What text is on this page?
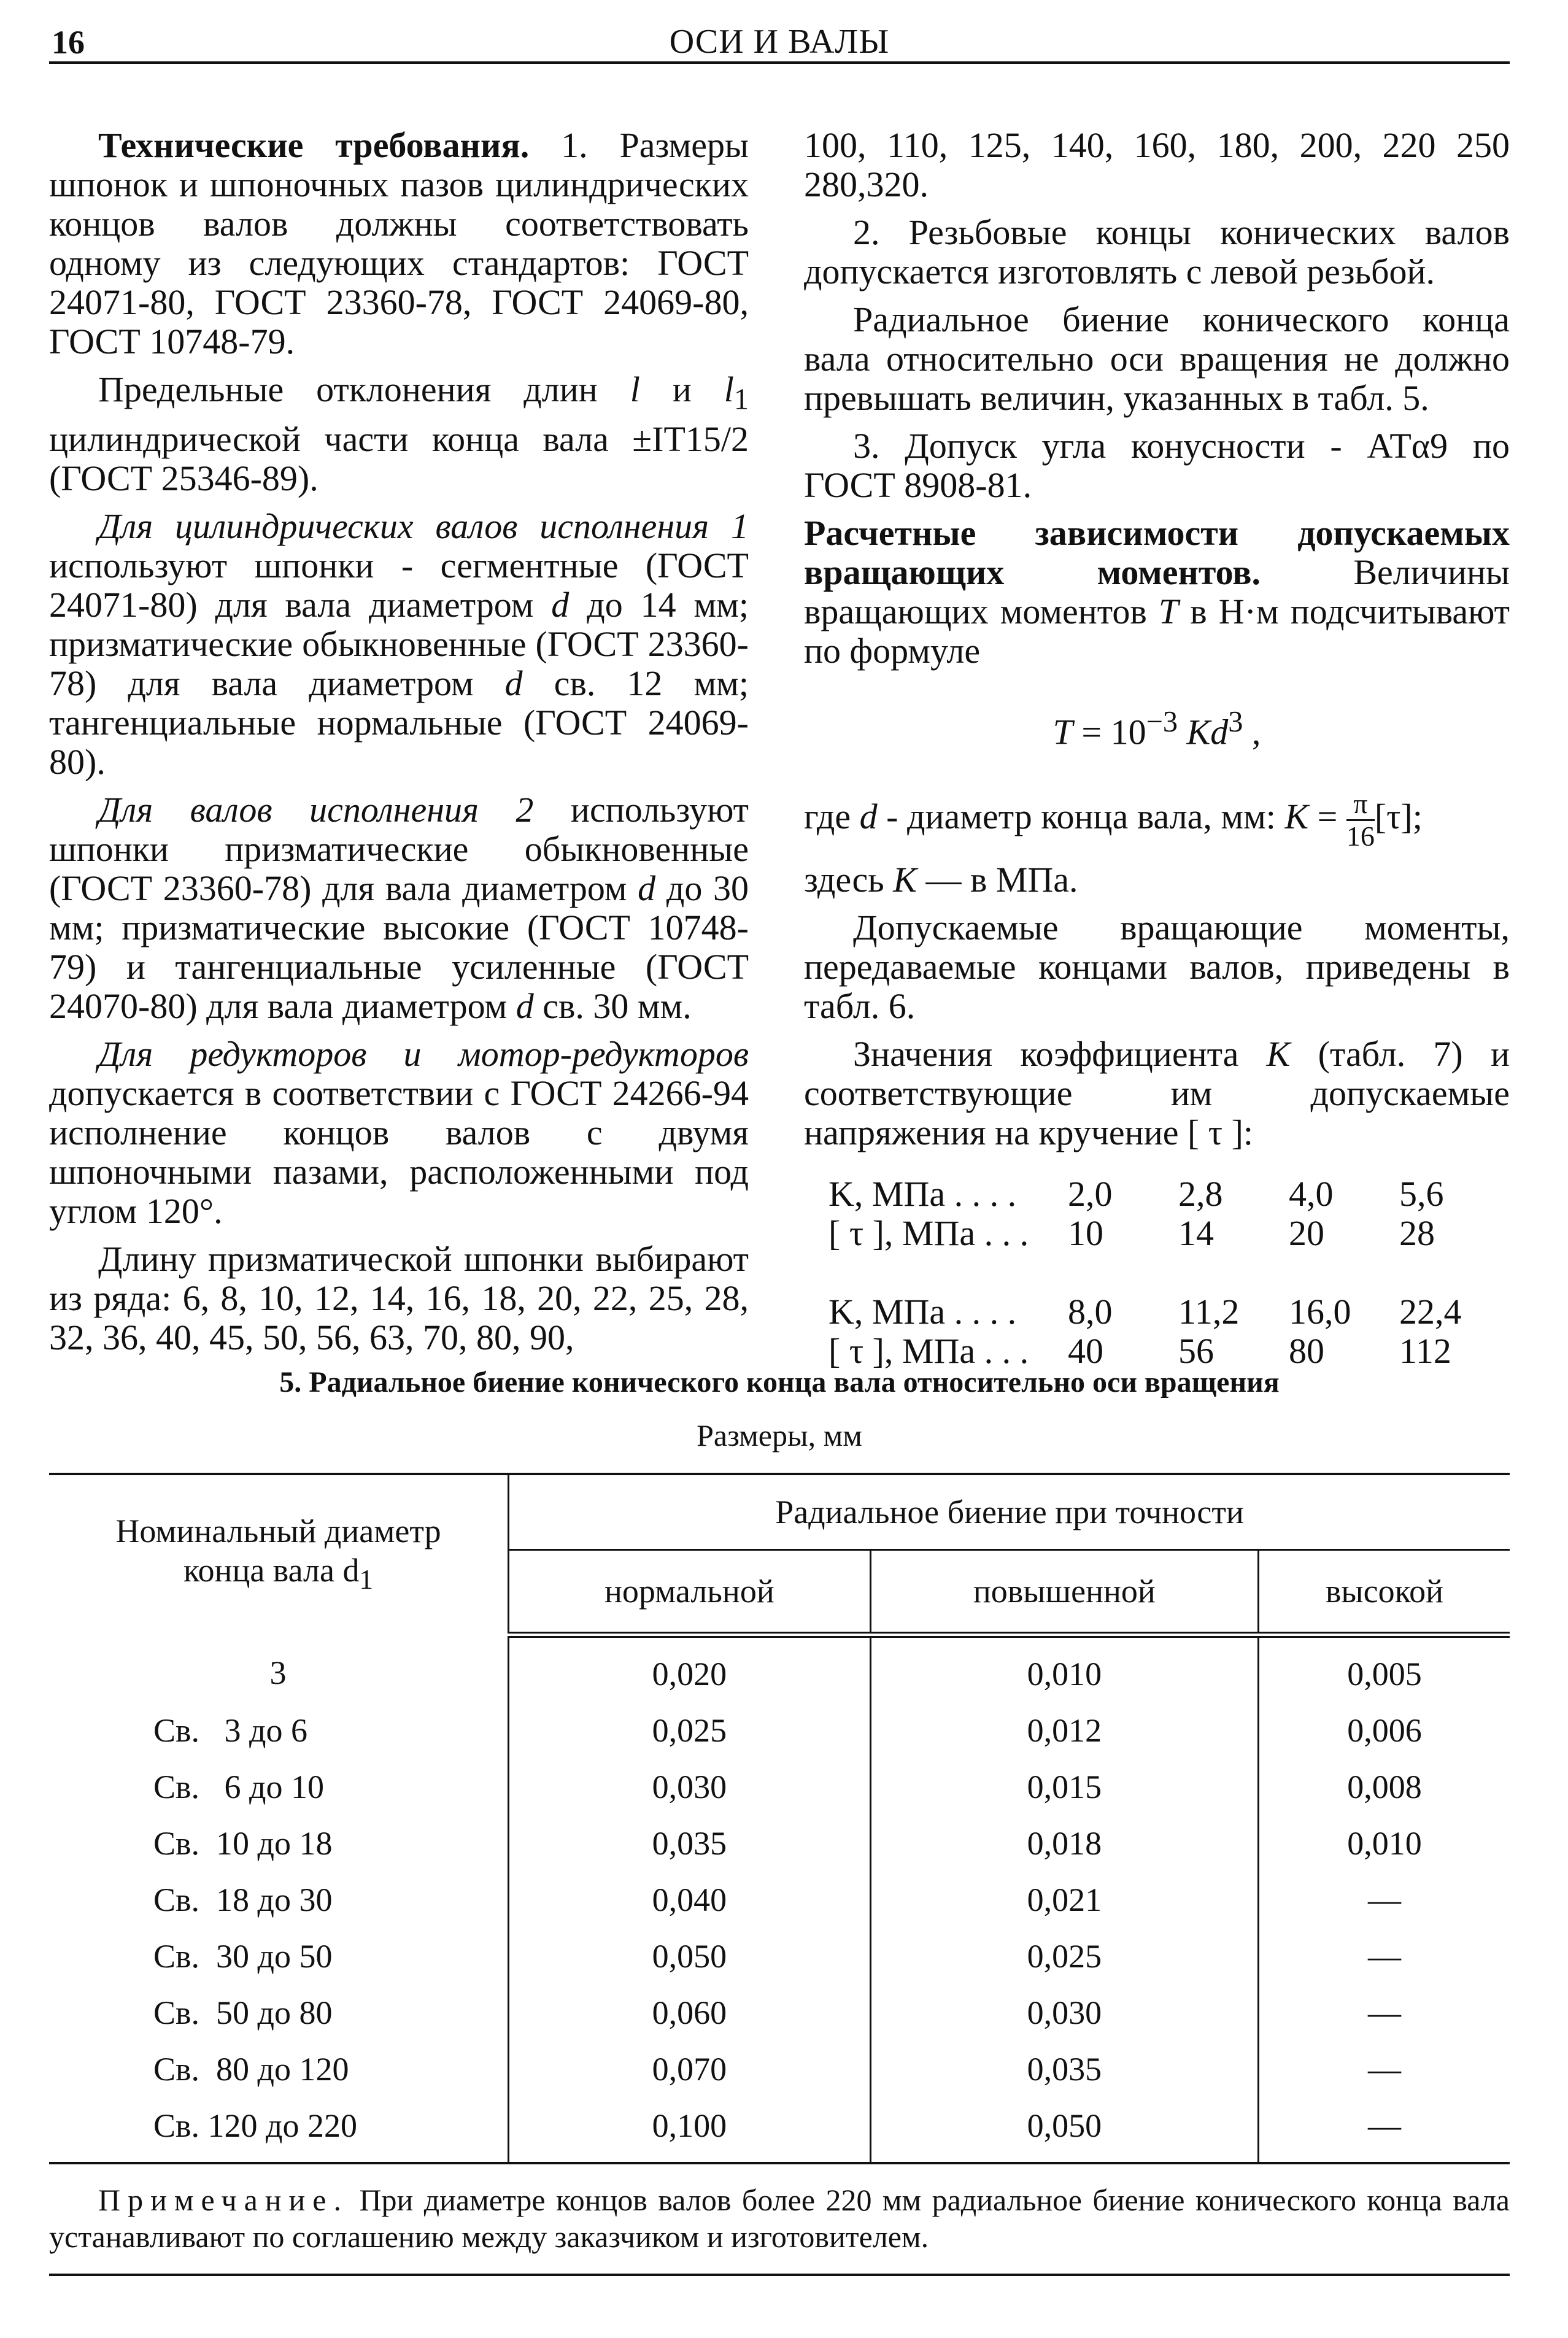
16	ОСИ И ВАЛЫ

Технические требования. 1. Размеры шпонок и шпоночных пазов цилиндрических концов валов должны соответствовать одному из следующих стандартов: ГОСТ 24071-80, ГОСТ 23360-78, ГОСТ 24069-80, ГОСТ 10748-79.

Предельные отклонения длин l и $l_1$ цилиндрической части конца вала ±IT15/2 (ГОСТ 25346-89).

Для цилиндрических валов исполнения 1 используют шпонки - сегментные (ГОСТ 24071-80) для вала диаметром d до 14 мм; призматические обыкновенные (ГОСТ 23360-78) для вала диаметром d св. 12 мм; тангенциальные нормальные (ГОСТ 24069-80).

Для валов исполнения 2 используют шпонки призматические обыкновенные (ГОСТ 23360-78) для вала диаметром d до 30 мм; призматические высокие (ГОСТ 10748-79) и тангенциальные усиленные (ГОСТ 24070-80) для вала диаметром d св. 30 мм.

Для редукторов и мотор-редукторов допускается в соответствии с ГОСТ 24266-94 исполнение концов валов с двумя шпоночными пазами, расположенными под углом 120°.

Длину призматической шпонки выбирают из ряда: 6, 8, 10, 12, 14, 16, 18, 20, 22, 25, 28, 32, 36, 40, 45, 50, 56, 63, 70, 80, 90,

100, 110, 125, 140, 160, 180, 200, 220 250 280,320.

2. Резьбовые концы конических валов допускается изготовлять с левой резьбой.

Радиальное биение конического конца вала относительно оси вращения не должно превышать величин, указанных в табл. 5.

3. Допуск угла конусности - АТα9 по ГОСТ 8908-81.

Расчетные зависимости допускаемых вращающих моментов. Величины вращающих моментов T в Н·м подсчитывают по формуле

$T = 10^{-3}$ Kd$^3$ ,

где d - диаметр конца вала, мм: $K = \frac{\pi}{16} [\tau]$;

здесь K — в МПа.

Допускаемые вращающие моменты, передаваемые концами валов, приведены в табл. 6.

Значения коэффициента K (табл. 7) и соответствующие им допускаемые напряжения на кручение [ τ ]:

K, МПа . . . .	2,0	2,8	4,0	5,6
[ τ ], МПа . . .	10	14	20	28
K, МПа . . . .	8,0	11,2	16,0	22,4
[ τ ], МПа . . .	40	56	80	112
5. Радиальное биение конического конца вала относительно оси вращения
Размеры, мм
Номинальный диаметр
конца вала $d_1$	Радиальное биение при точности		
	нормальной	повышенной	высокой
3	0,020	0,010	0,005
Св.   3 до 6	0,025	0,012	0,006
Св.   6 до 10	0,030	0,015	0,008
Св.  10 до 18	0,035	0,018	0,010
Св.  18 до 30	0,040	0,021	—
Св.  30 до 50	0,050	0,025	—
Св.  50 до 80	0,060	0,030	—
Св.  80 до 120	0,070	0,035	—
Св. 120 до 220	0,100	0,050	—
Примечание. При диаметре концов валов более 220 мм радиальное биение конического конца вала устанавливают по соглашению между заказчиком и изготовителем.
